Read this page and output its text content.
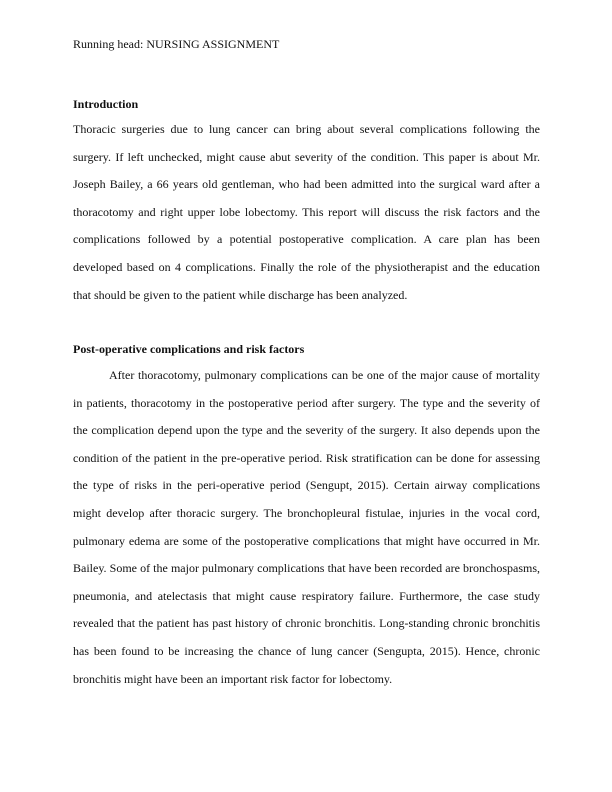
Running head: NURSING ASSIGNMENT
Introduction

Thoracic surgeries due to lung cancer can bring about several complications following the surgery. If left unchecked, might cause abut severity of the condition. This paper is about Mr. Joseph Bailey, a 66 years old gentleman, who had been admitted into the surgical ward after a thoracotomy and right upper lobe lobectomy. This report will discuss the risk factors and the complications followed by a potential postoperative complication. A care plan has been developed based on 4 complications. Finally the role of the physiotherapist and the education that should be given to the patient while discharge has been analyzed.

Post-operative complications and risk factors

After thoracotomy, pulmonary complications can be one of the major cause of mortality in patients, thoracotomy in the postoperative period after surgery. The type and the severity of the complication depend upon the type and the severity of the surgery. It also depends upon the condition of the patient in the pre-operative period. Risk stratification can be done for assessing the type of risks in the peri-operative period (Sengupt, 2015). Certain airway complications might develop after thoracic surgery. The bronchopleural fistulae, injuries in the vocal cord, pulmonary edema are some of the postoperative complications that might have occurred in Mr. Bailey. Some of the major pulmonary complications that have been recorded are bronchospasms, pneumonia, and atelectasis that might cause respiratory failure. Furthermore, the case study revealed that the patient has past history of chronic bronchitis. Long-standing chronic bronchitis has been found to be increasing the chance of lung cancer (Sengupta, 2015). Hence, chronic bronchitis might have been an important risk factor for lobectomy.
